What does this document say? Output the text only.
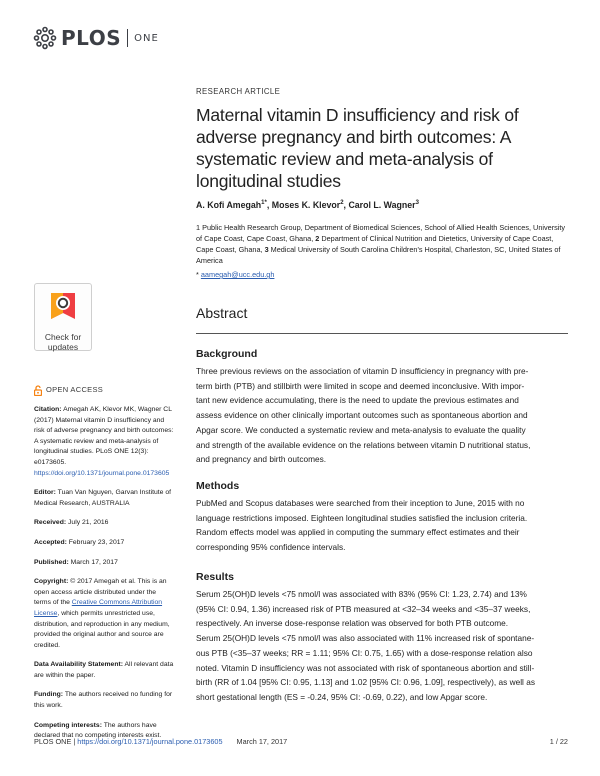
PLOS ONE
Check for
updates
OPEN ACCESS

Citation: Amegah AK, Klevor MK, Wagner CL (2017) Maternal vitamin D insufficiency and risk of adverse pregnancy and birth outcomes: A systematic review and meta-analysis of longitudinal studies. PLoS ONE 12(3): e0173605. https://doi.org/10.1371/journal.pone.0173605

Editor: Tuan Van Nguyen, Garvan Institute of Medical Research, AUSTRALIA

Received: July 21, 2016

Accepted: February 23, 2017

Published: March 17, 2017

Copyright: © 2017 Amegah et al. This is an open access article distributed under the terms of the Creative Commons Attribution License, which permits unrestricted use, distribution, and reproduction in any medium, provided the original author and source are credited.

Data Availability Statement: All relevant data are within the paper.

Funding: The authors received no funding for this work.

Competing interests: The authors have declared that no competing interests exist.

RESEARCH ARTICLE
Maternal vitamin D insufficiency and risk of adverse pregnancy and birth outcomes: A systematic review and meta-analysis of longitudinal studies
A. Kofi Amegah$^{1*}$, Moses K. Klevor$^2$, Carol L. Wagner$^3$
1 Public Health Research Group, Department of Biomedical Sciences, School of Allied Health Sciences, University of Cape Coast, Cape Coast, Ghana, 2 Department of Clinical Nutrition and Dietetics, University of Cape Coast, Cape Coast, Ghana, 3 Medical University of South Carolina Children's Hospital, Charleston, SC, United States of America
* aamegah@ucc.edu.gh
Abstract
Background
Three previous reviews on the association of vitamin D insufficiency in pregnancy with pre-
term birth (PTB) and stillbirth were limited in scope and deemed inconclusive. With impor-
tant new evidence accumulating, there is the need to update the previous estimates and
assess evidence on other clinically important outcomes such as spontaneous abortion and
Apgar score. We conducted a systematic review and meta-analysis to evaluate the quality
and strength of the available evidence on the relations between vitamin D nutritional status,
and pregnancy and birth outcomes.
Methods
PubMed and Scopus databases were searched from their inception to June, 2015 with no
language restrictions imposed. Eighteen longitudinal studies satisfied the inclusion criteria.
Random effects model was applied in computing the summary effect estimates and their
corresponding 95% confidence intervals.
Results
Serum 25(OH)D levels <75 nmol/l was associated with 83% (95% CI: 1.23, 2.74) and 13%
(95% CI: 0.94, 1.36) increased risk of PTB measured at <32–34 weeks and <35–37 weeks,
respectively. An inverse dose-response relation was observed for both PTB outcome.
Serum 25(OH)D levels <75 nmol/l was also associated with 11% increased risk of spontane-
ous PTB (<35–37 weeks; RR = 1.11; 95% CI: 0.75, 1.65) with a dose-response relation also
noted. Vitamin D insufficiency was not associated with risk of spontaneous abortion and still-
birth (RR of 1.04 [95% CI: 0.95, 1.13] and 1.02 [95% CI: 0.96, 1.09], respectively), as well as
short gestational length (ES = -0.24, 95% CI: -0.69, 0.22), and low Apgar score.
PLOS ONE | https://doi.org/10.1371/journal.pone.0173605 March 17, 2017	1 / 22
